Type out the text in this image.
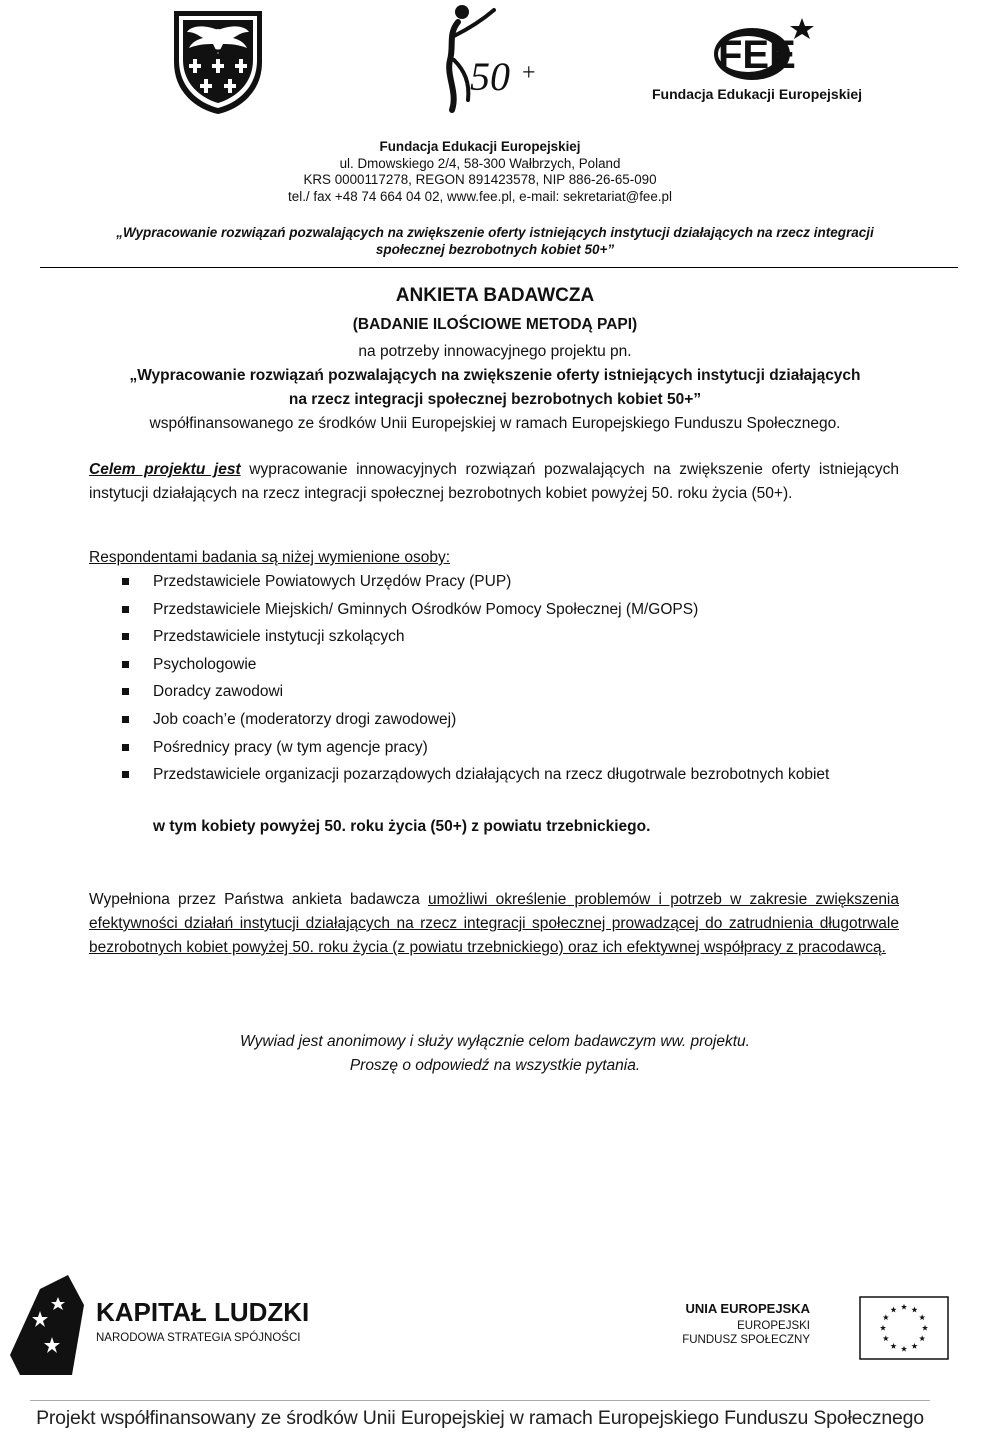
50 +	FEE
Fundacja Edukacji Europejskiej
Fundacja Edukacji Europejskiej
ul. Dmowskiego 2/4, 58-300 Wałbrzych, Poland
KRS 0000117278, REGON 891423578, NIP 886-26-65-090
tel./ fax +48 74 664 04 02, www.fee.pl, e-mail: sekretariat@fee.pl
„Wypracowanie rozwiązań pozwalających na zwiększenie oferty istniejących instytucji działających na rzecz integracji
społecznej bezrobotnych kobiet 50+”
ANKIETA BADAWCZA
(BADANIE ILOŚCIOWE METODĄ PAPI)
na potrzeby innowacyjnego projektu pn.
„Wypracowanie rozwiązań pozwalających na zwiększenie oferty istniejących instytucji działających
na rzecz integracji społecznej bezrobotnych kobiet 50+”
współfinansowanego ze środków Unii Europejskiej w ramach Europejskiego Funduszu Społecznego.
Celem projektu jest wypracowanie innowacyjnych rozwiązań pozwalających na zwiększenie oferty istniejących instytucji działających na rzecz integracji społecznej bezrobotnych kobiet powyżej 50. roku życia (50+).
Respondentami badania są niżej wymienione osoby:
Przedstawiciele Powiatowych Urzędów Pracy (PUP)
Przedstawiciele Miejskich/ Gminnych Ośrodków Pomocy Społecznej (M/GOPS)
Przedstawiciele instytucji szkolących
Psychologowie
Doradcy zawodowi
Job coach’e (moderatorzy drogi zawodowej)
Pośrednicy pracy (w tym agencje pracy)
Przedstawiciele organizacji pozarządowych działających na rzecz długotrwale bezrobotnych kobiet
w tym kobiety powyżej 50. roku życia (50+) z powiatu trzebnickiego.
Wypełniona przez Państwa ankieta badawcza umożliwi określenie problemów i potrzeb w zakresie zwiększenia efektywności działań instytucji działających na rzecz integracji społecznej prowadzącej do zatrudnienia długotrwale bezrobotnych kobiet powyżej 50. roku życia (z powiatu trzebnickiego) oraz ich efektywnej współpracy z pracodawcą.
Wywiad jest anonimowy i służy wyłącznie celom badawczym ww. projektu.
Proszę o odpowiedź na wszystkie pytania.
KAPITAŁ LUDZKI
NARODOWA STRATEGIA SPÓJNOŚCI
UNIA EUROPEJSKA
EUROPEJSKI
FUNDUSZ SPOŁECZNY
Projekt współfinansowany ze środków Unii Europejskiej w ramach Europejskiego Funduszu Społecznego
